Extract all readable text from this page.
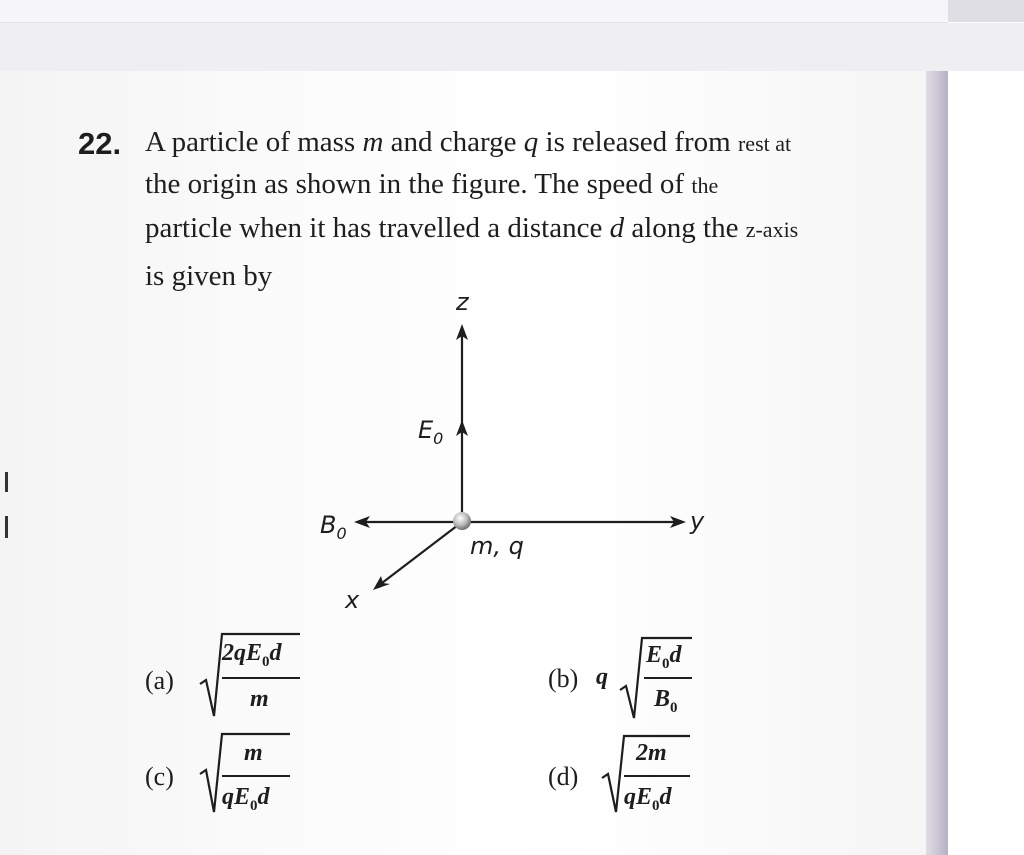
22. A particle of mass m and charge q is released from rest at
the origin as shown in the figure. The speed of the
particle when it has travelled a distance d along the z-axis
is given by
z
y
x
$E_0$
$B_0$	m, q
(a)
$2qE_0d$
m
(b) q
$E_0d$
$B_0$
(c)
m
$qE_0d$
(d)
2m
$qE_0d$
